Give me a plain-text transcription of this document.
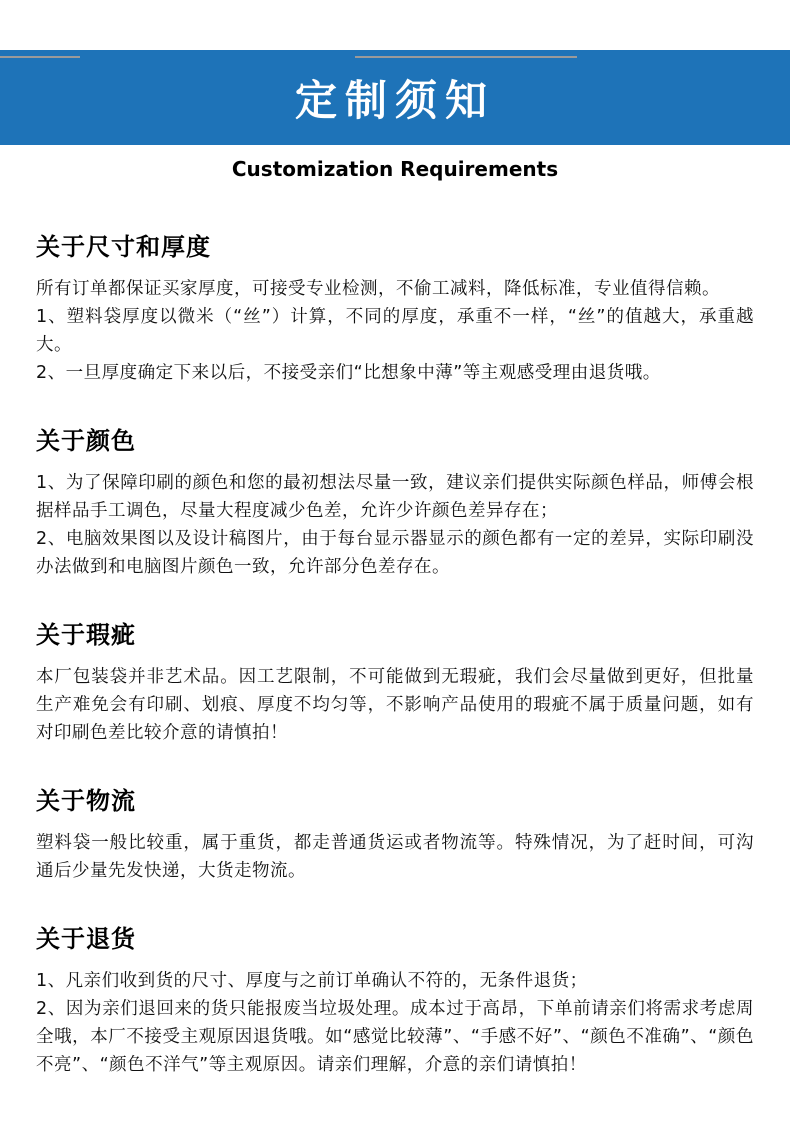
定制须知
Customization Requirements
关于尺寸和厚度

所有订单都保证买家厚度，可接受专业检测，不偷工减料，降低标准，专业值得信赖。

1、塑料袋厚度以微米（“丝”）计算，不同的厚度，承重不一样，“丝”的值越大，承重越大。

2、一旦厚度确定下来以后，不接受亲们“比想象中薄”等主观感受理由退货哦。

关于颜色

1、为了保障印刷的颜色和您的最初想法尽量一致，建议亲们提供实际颜色样品，师傅会根据样品手工调色，尽量大程度减少色差，允许少许颜色差异存在；

2、电脑效果图以及设计稿图片，由于每台显示器显示的颜色都有一定的差异，实际印刷没办法做到和电脑图片颜色一致，允许部分色差存在。

关于瑕疵

本厂包装袋并非艺术品。因工艺限制，不可能做到无瑕疵，我们会尽量做到更好，但批量生产难免会有印刷、划痕、厚度不均匀等，不影响产品使用的瑕疵不属于质量问题，如有对印刷色差比较介意的请慎拍！

关于物流

塑料袋一般比较重，属于重货，都走普通货运或者物流等。特殊情况，为了赶时间，可沟通后少量先发快递，大货走物流。

关于退货

1、凡亲们收到货的尺寸、厚度与之前订单确认不符的，无条件退货；

2、因为亲们退回来的货只能报废当垃圾处理。成本过于高昂，下单前请亲们将需求考虑周全哦，本厂不接受主观原因退货哦。如“感觉比较薄”、“手感不好”、“颜色不准确”、“颜色不亮”、“颜色不洋气”等主观原因。请亲们理解，介意的亲们请慎拍！
